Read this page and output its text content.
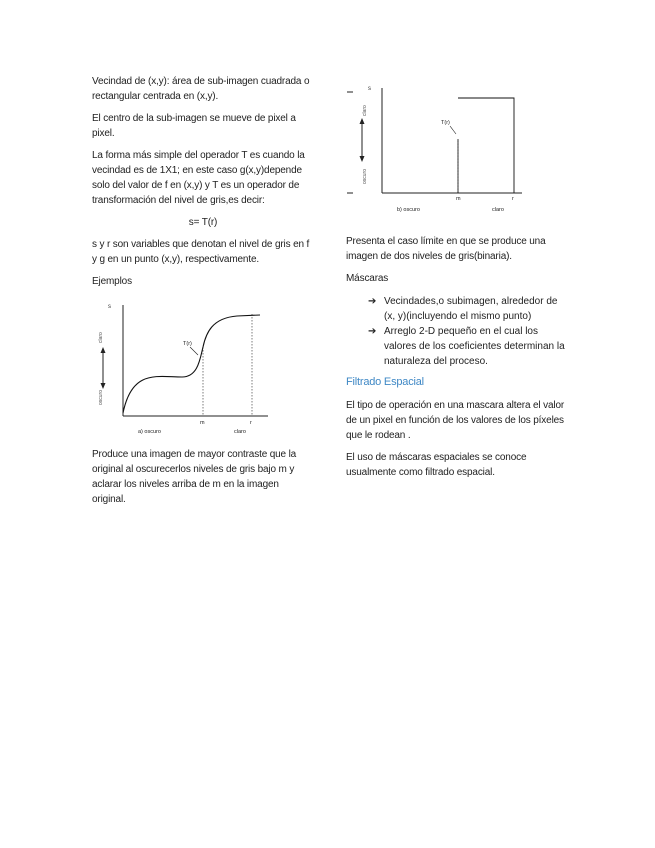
Vecindad de (x,y): área de sub-imagen cuadrada o rectangular centrada en (x,y).

El centro de la sub-imagen se mueve de pixel a pixel.

La forma más simple del operador T es cuando la vecindad es de 1X1; en este caso g(x,y)depende solo del valor de f en (x,y) y T es un operador de transformación del nivel de gris,es decir:

s= T(r)

s y r son variables que denotan el nivel de gris en f y g en un punto (x,y), respectivamente.

Ejemplos

s
claro
oscuro
T(r)
m	r
a) oscuro	claro

Produce una imagen de mayor contraste que la original al oscurecerlos niveles de gris bajo m y aclarar los niveles arriba de m en la imagen original.

s
claro
oscuro
T(r)
m	r
b) oscuro	claro

Presenta el caso límite en que se produce una imagen de dos niveles de gris(binaria).

Máscaras

➔ Vecindades,o subimagen, alrededor de (x, y)(incluyendo el mismo punto)
➔ Arreglo 2-D pequeño en el cual los valores de los coeficientes determinan la naturaleza del proceso.
Filtrado Espacial

El tipo de operación en una mascara altera el valor de un pixel en función de los valores de los píxeles que le rodean .

El uso de máscaras espaciales se conoce usualmente como filtrado espacial.
